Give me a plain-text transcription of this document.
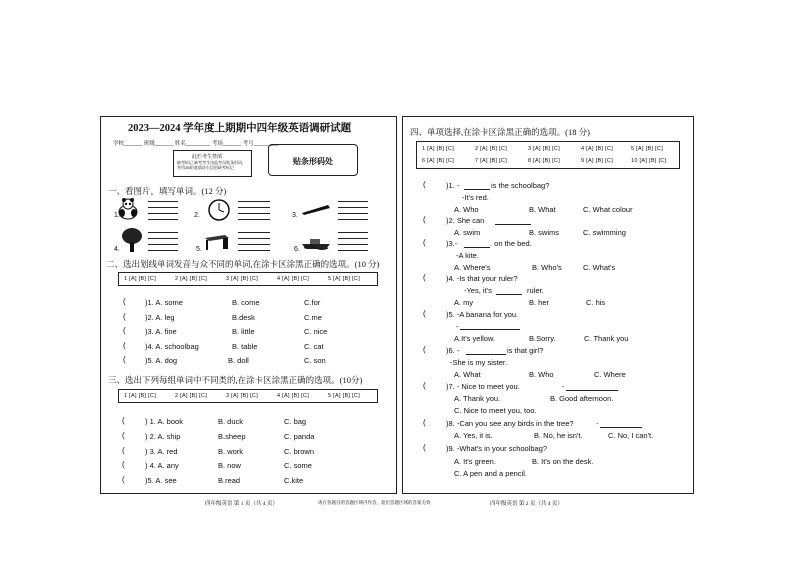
2023—2024 学年度上期期中四年级英语调研试题
学校______ 班级______ 姓名________ 考场______ 考号________
此栏考生禁填
缺考标记 缺考考生由监考员贴条形码，并用2B铅笔填涂右边的缺考标记
贴条形码处
一、看图片，填写单词。(12 分)
1.	2.	3.
4.	5.	6.
二、选出划线单词发音与众不同的单词,在涂卡区涂黑正确的选项。(10 分)
1 [A] [B] [C]	2 [A] [B] [C]	3 [A] [B] [C]	4 [A] [B] [C]	5 [A] [B] [C]
(	)1. A. some	B. come	C.for
(	)2. A. leg	B.desk	C.me
(	)3. A. fine	B. little	C. nice
(	)4. A. schoolbag	B. table	C. cat
(	)5. A. dog	B. doll	C. son
三、选出下列每组单词中不同类的,在涂卡区涂黑正确的选项。(10分)
1 [A] [B] [C]	2 [A] [B] [C]	3 [A] [B] [C]	4 [A] [B] [C]	5 [A] [B] [C]
(	) 1. A. book	B. duck	C. bag
(	) 2. A. ship	B.sheep	C. panda
(	) 3. A. red	B. work	C. brown
(	) 4. A. any	B. now	C. some
(	)5. A. see	B.read	C.kite
四年级英语 第 1 页（共 4 页）	请在各题目的答题区域内作答，超出答题区域的答案无效
四、单项选择,在涂卡区涂黑正确的选项。(18 分)
1 [A] [B] [C]	2 [A] [B] [C]	3 [A] [B] [C]	4 [A] [B] [C]	5 [A] [B] [C]
6 [A] [B] [C]	7 [A] [B] [C]	8 [A] [B] [C]	9 [A] [B] [C]	10 [A] [B] [C]
(	)1. -	is the schoolbag?
-It's red.
A. Who	B. What	C. What colour
(	)2. She can
A. swim	B. swims	C. swimming
(	)3.-	. on the bed.
-A kite.
A. Where's	B. Who's	C. What's
(	)4. -Is that your ruler?
-Yes, it's	ruler.
A. my	B. her	C. his
(	)5. -A banana for you.
-
A.It's yellow.	B.Sorry.	C. Thank you
(	)6. -	is that girl?
-She is my sister.
A. What	B. Who	C. Where
(	)7. - Nice to meet you.	-
A. Thank you.	B. Good afternoon.
C. Nice to meet you, too.
(	)8. -Can you see any birds in the tree?	-
A. Yes, it is.	B. No, he isn't.	C. No, I can't.
(	)9. -What's in your schoolbag?
A. It's green.	B. It's on the desk.
C. A pen and a pencil.
四年级英语 第 2 页（共 4 页）
